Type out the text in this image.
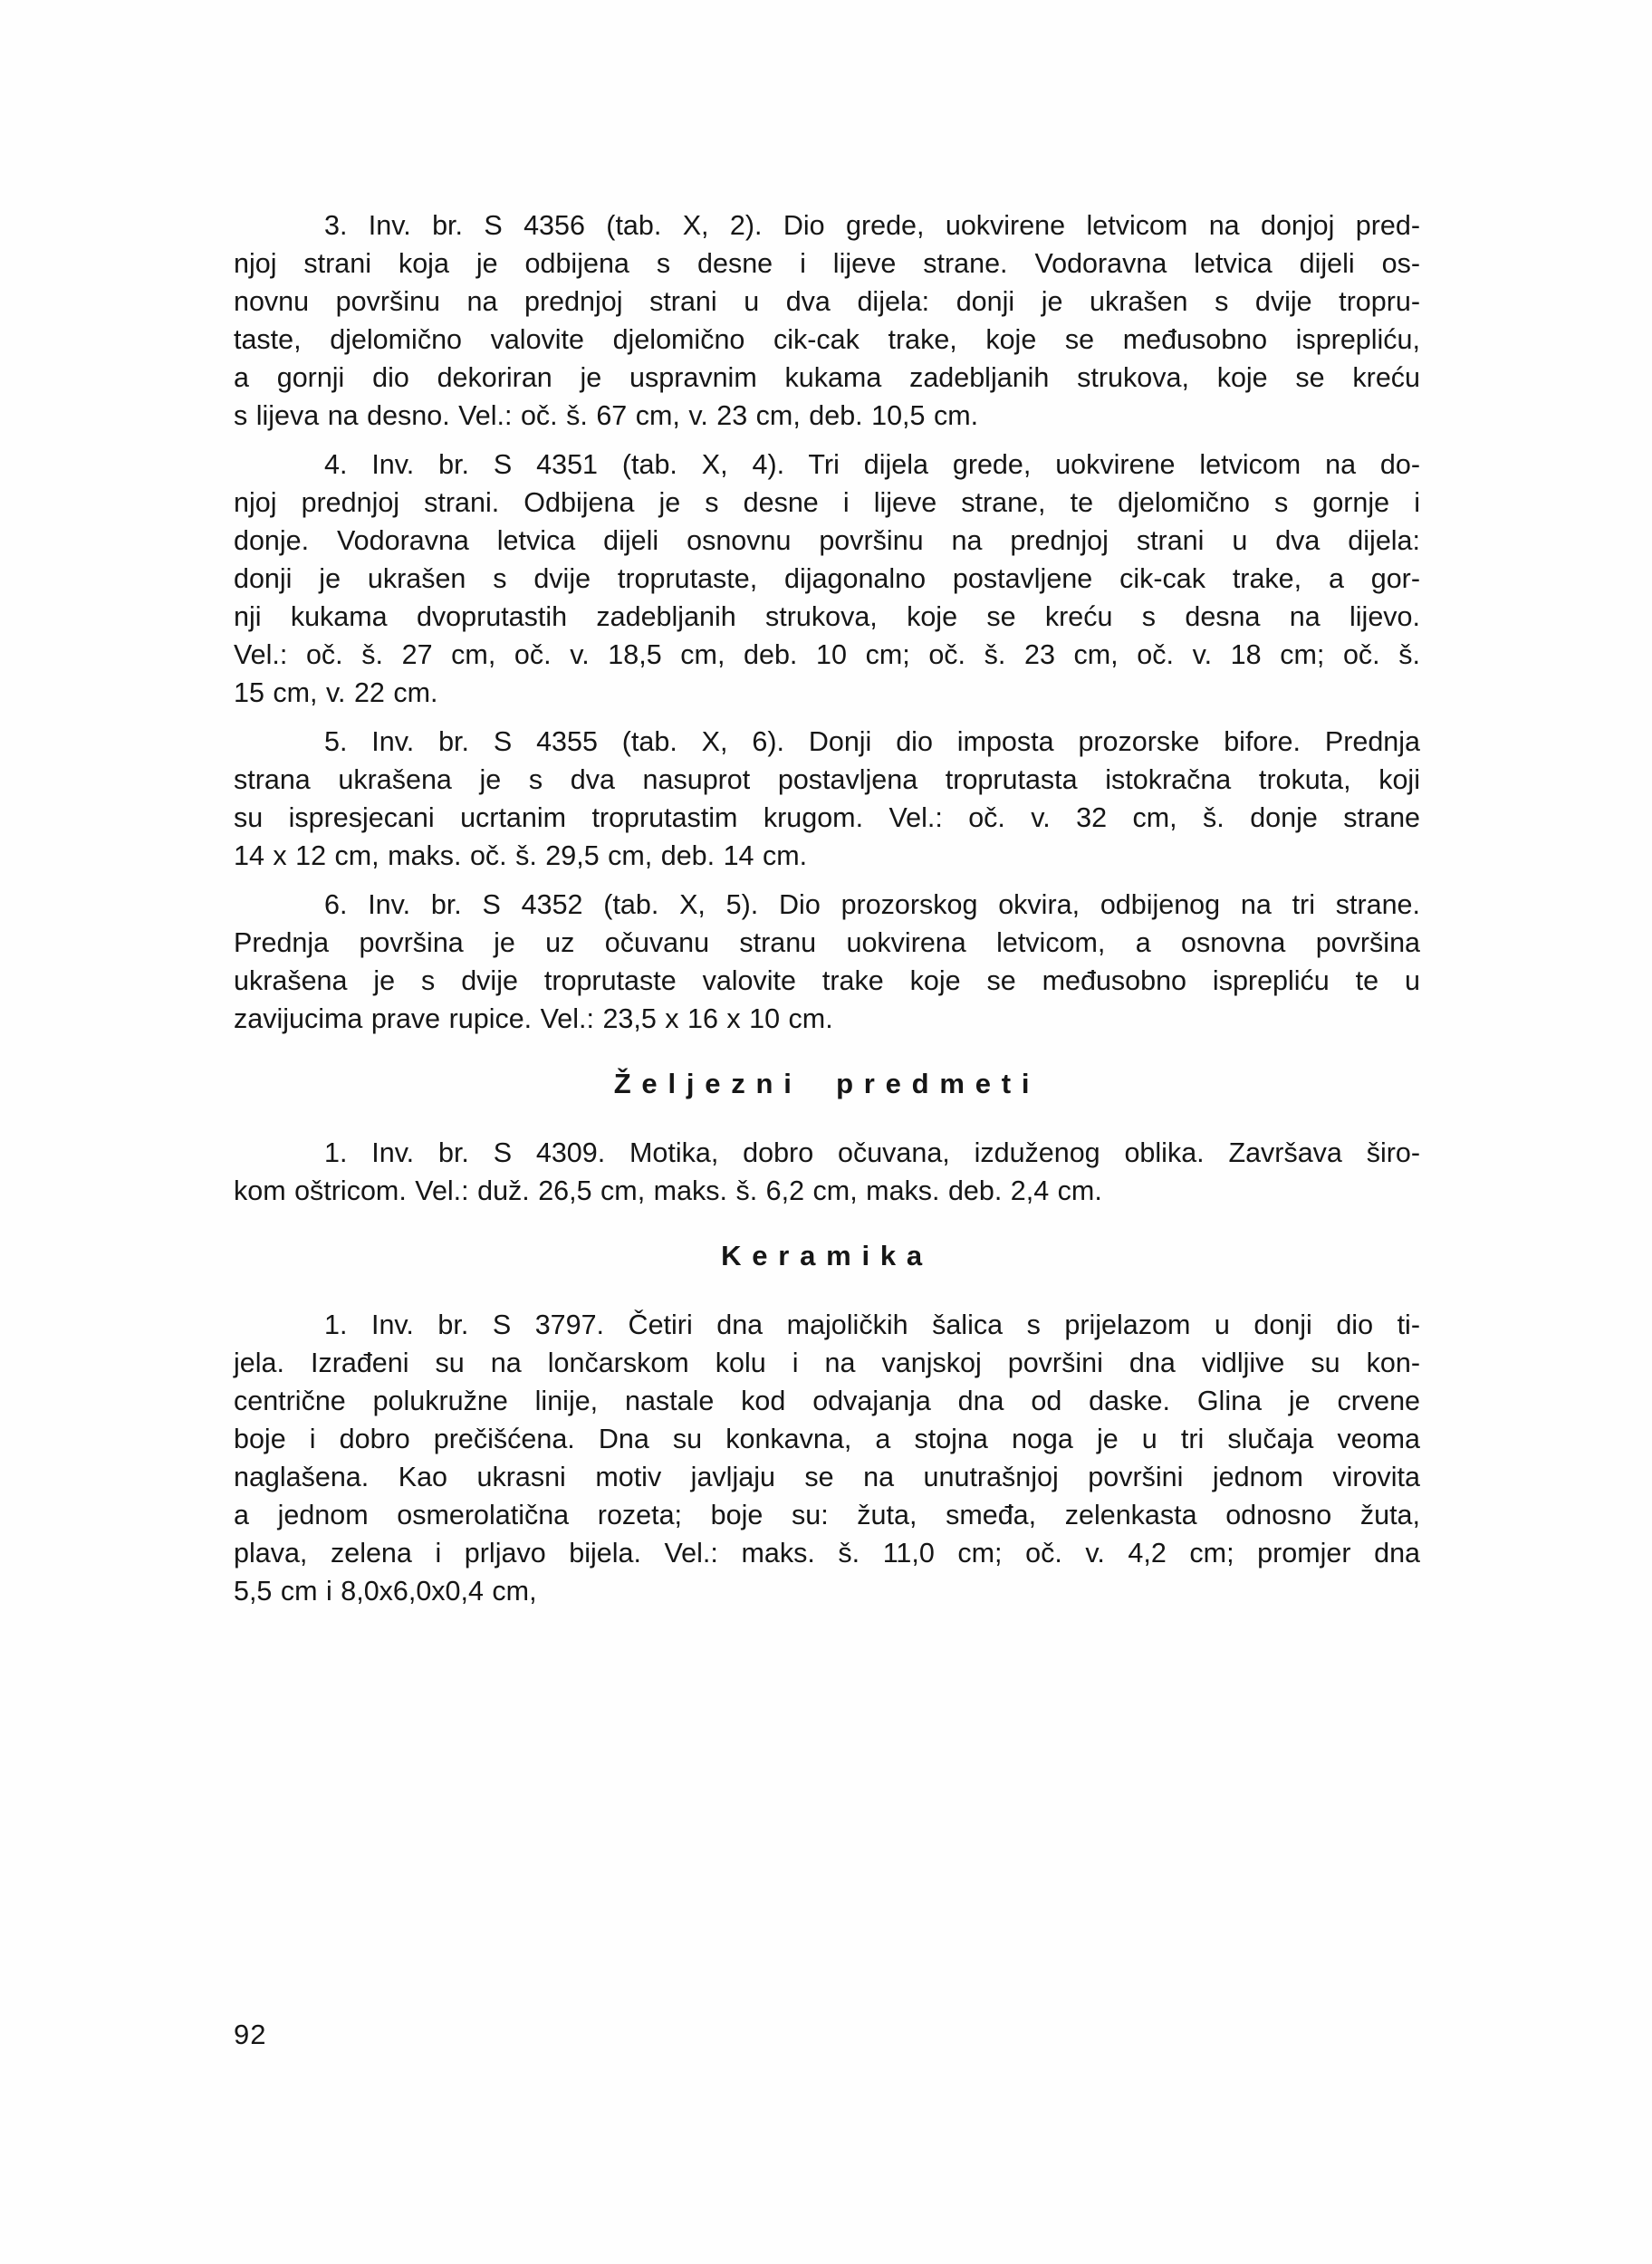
3. Inv. br. S 4356 (tab. X, 2). Dio grede, uokvirene letvicom na donjoj pred-
njoj strani koja je odbijena s desne i lijeve strane. Vodoravna letvica dijeli os-
novnu površinu na prednjoj strani u dva dijela: donji je ukrašen s dvije tropru-
taste, djelomično valovite djelomično cik-cak trake, koje se međusobno isprepliću,
a gornji dio dekoriran je uspravnim kukama zadebljanih strukova, koje se kreću
s lijeva na desno. Vel.: oč. š. 67 cm, v. 23 cm, deb. 10,5 cm.
4. Inv. br. S 4351 (tab. X, 4). Tri dijela grede, uokvirene letvicom na do-
njoj prednjoj strani. Odbijena je s desne i lijeve strane, te djelomično s gornje i
donje. Vodoravna letvica dijeli osnovnu površinu na prednjoj strani u dva dijela:
donji je ukrašen s dvije troprutaste, dijagonalno postavljene cik-cak trake, a gor-
nji kukama dvoprutastih zadebljanih strukova, koje se kreću s desna na lijevo.
Vel.: oč. š. 27 cm, oč. v. 18,5 cm, deb. 10 cm; oč. š. 23 cm, oč. v. 18 cm; oč. š.
15 cm, v. 22 cm.
5. Inv. br. S 4355 (tab. X, 6). Donji dio imposta prozorske bifore. Prednja
strana ukrašena je s dva nasuprot postavljena troprutasta istokračna trokuta, koji
su ispresjecani ucrtanim troprutastim krugom. Vel.: oč. v. 32 cm, š. donje strane
14 x 12 cm, maks. oč. š. 29,5 cm, deb. 14 cm.
6. Inv. br. S 4352 (tab. X, 5). Dio prozorskog okvira, odbijenog na tri strane.
Prednja površina je uz očuvanu stranu uokvirena letvicom, a osnovna površina
ukrašena je s dvije troprutaste valovite trake koje se međusobno isprepliću te u
zavijucima prave rupice. Vel.: 23,5 x 16 x 10 cm.
Željezni predmeti
1. Inv. br. S 4309. Motika, dobro očuvana, izduženog oblika. Završava širo-
kom oštricom. Vel.: duž. 26,5 cm, maks. š. 6,2 cm, maks. deb. 2,4 cm.
Keramika
1. Inv. br. S 3797. Četiri dna majoličkih šalica s prijelazom u donji dio ti-
jela. Izrađeni su na lončarskom kolu i na vanjskoj površini dna vidljive su kon-
centrične polukružne linije, nastale kod odvajanja dna od daske. Glina je crvene
boje i dobro prečišćena. Dna su konkavna, a stojna noga je u tri slučaja veoma
naglašena. Kao ukrasni motiv javljaju se na unutrašnjoj površini jednom virovita
a jednom osmerolatična rozeta; boje su: žuta, smeđa, zelenkasta odnosno žuta,
plava, zelena i prljavo bijela. Vel.: maks. š. 11,0 cm; oč. v. 4,2 cm; promjer dna
5,5 cm i 8,0x6,0x0,4 cm,
92
